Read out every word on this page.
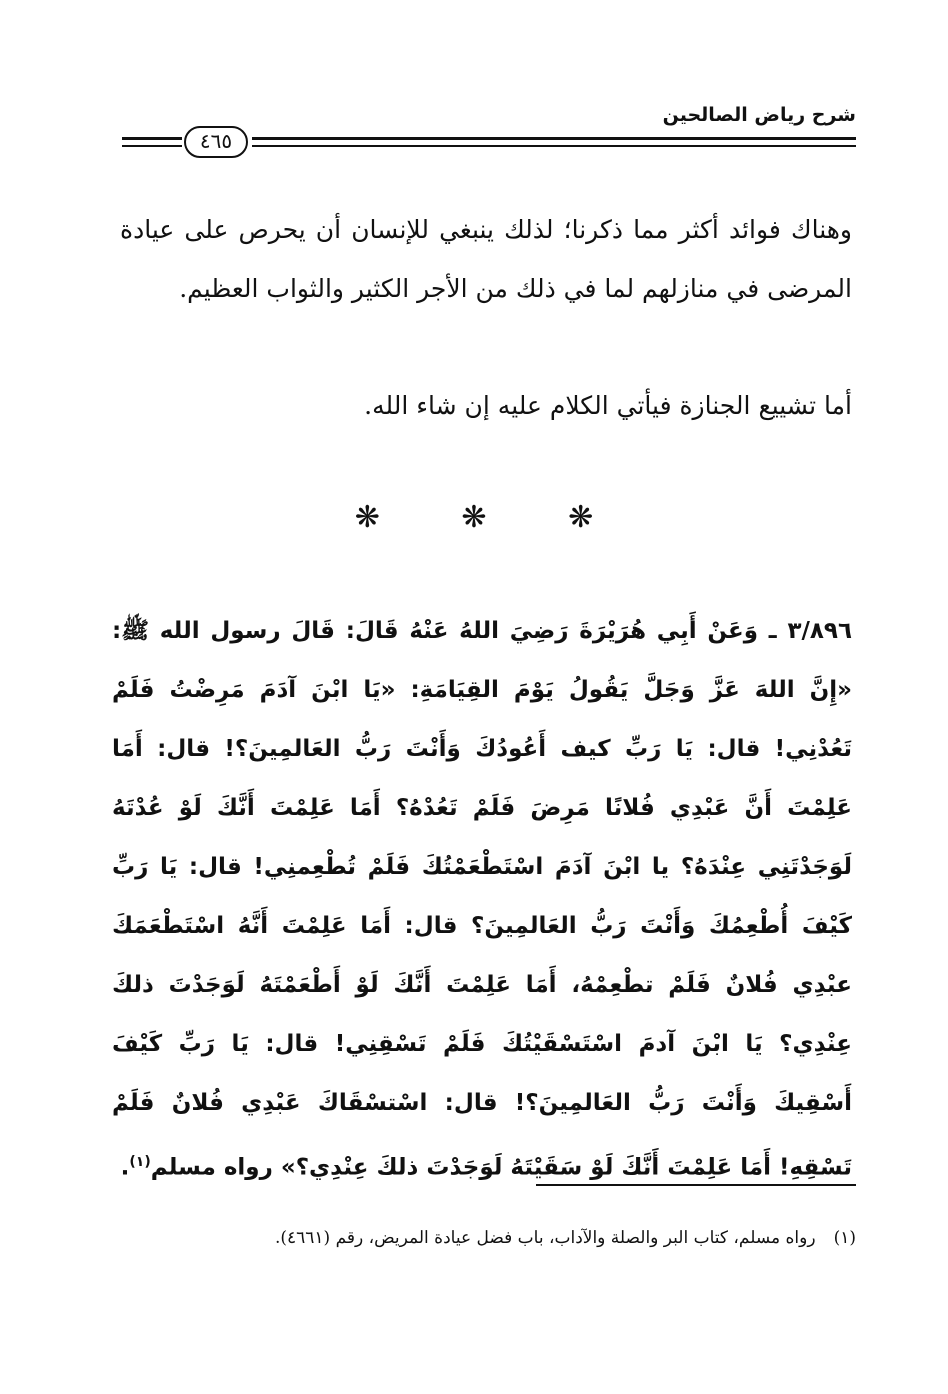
شرح رياض الصالحين
٤٦٥
وهناك فوائد أكثر مما ذكرنا؛ لذلك ينبغي للإنسان أن يحرص على عيادة المرضى في منازلهم لما في ذلك من الأجر الكثير والثواب العظيم.
أما تشييع الجنازة فيأتي الكلام عليه إن شاء الله.
❋	❋	❋
٣/٨٩٦ ـ وَعَنْ أَبِي هُرَيْرَةَ رَضِيَ اللهُ عَنْهُ قَالَ: قَالَ رسول الله ﷺ: «إِنَّ اللهَ عَزَّ وَجَلَّ يَقُولُ يَوْمَ القِيَامَةِ: «يَا ابْنَ آدَمَ مَرِضْتُ فَلَمْ تَعُدْنِي! قال: يَا رَبِّ كيف أَعُودُكَ وَأَنْتَ رَبُّ العَالمِينَ؟! قال: أَمَا عَلِمْتَ أَنَّ عَبْدِي فُلانًا مَرِضَ فَلَمْ تَعُدْهُ؟ أَمَا عَلِمْتَ أَنَّكَ لَوْ عُدْتَهُ لَوَجَدْتَنِي عِنْدَهُ؟ يا ابْنَ آدَمَ اسْتَطْعَمْتُكَ فَلَمْ تُطْعِمنِي! قال: يَا رَبِّ كَيْفَ أُطْعِمُكَ وَأَنْتَ رَبُّ العَالمِينَ؟ قال: أَمَا عَلِمْتَ أَنَّهُ اسْتَطْعَمَكَ عبْدِي فُلانٌ فَلَمْ تطْعِمْهُ، أَمَا عَلِمْتَ أَنَّكَ لَوْ أَطْعَمْتَهُ لَوَجَدْتَ ذلكَ عِنْدِي؟ يَا ابْنَ آدمَ اسْتَسْقَيْتُكَ فَلَمْ تَسْقِنِي! قال: يَا رَبِّ كَيْفَ أَسْقِيكَ وَأَنْتَ رَبُّ العَالمِينَ؟! قال: اسْتسْقَاكَ عَبْدِي فُلانٌ فَلَمْ تَسْقِهِ! أَمَا عَلِمْتَ أَنَّكَ لَوْ سَقَيْتَهُ لَوَجَدْتَ ذلكَ عِنْدِي؟» رواه مسلم$^{(١)}$.
(١)رواه مسلم، كتاب البر والصلة والآداب، باب فضل عيادة المريض، رقم (٤٦٦١).
